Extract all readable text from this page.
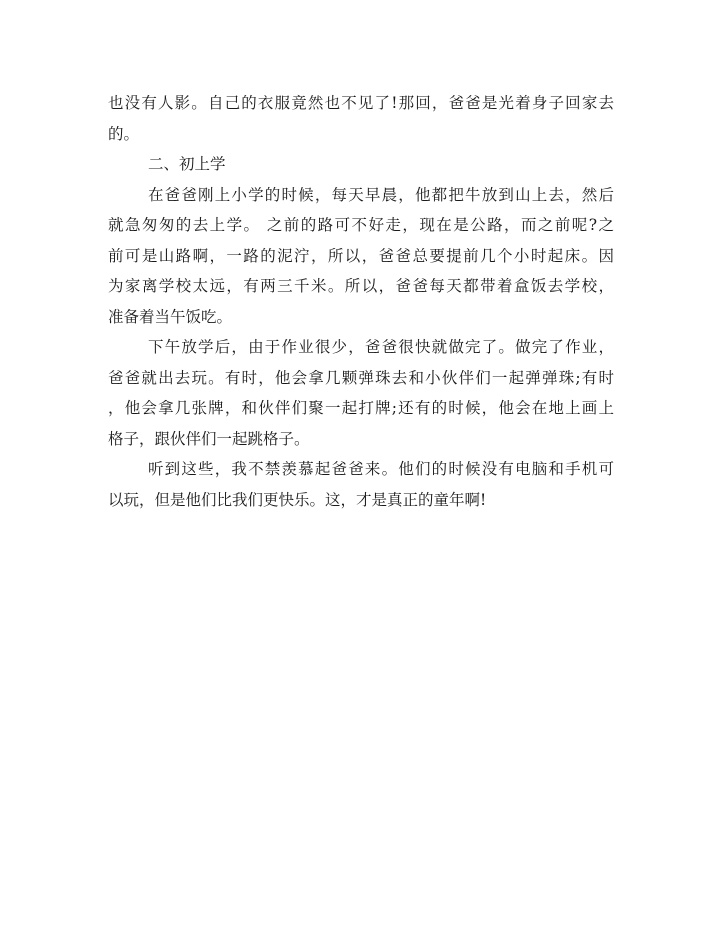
也没有人影。自己的衣服竟然也不见了!那回，爸爸是光着身子回家去

的。

二、初上学

在爸爸刚上小学的时候，每天早晨，他都把牛放到山上去，然后

就急匆匆的去上学。 之前的路可不好走，现在是公路，而之前呢?之

前可是山路啊，一路的泥泞，所以，爸爸总要提前几个小时起床。因

为家离学校太远，有两三千米。所以，爸爸每天都带着盒饭去学校，

准备着当午饭吃。

下午放学后，由于作业很少，爸爸很快就做完了。做完了作业，

爸爸就出去玩。有时，他会拿几颗弹珠去和小伙伴们一起弹弹珠;有时

，他会拿几张牌，和伙伴们聚一起打牌;还有的时候，他会在地上画上

格子，跟伙伴们一起跳格子。

听到这些，我不禁羡慕起爸爸来。他们的时候没有电脑和手机可

以玩，但是他们比我们更快乐。这，才是真正的童年啊!
